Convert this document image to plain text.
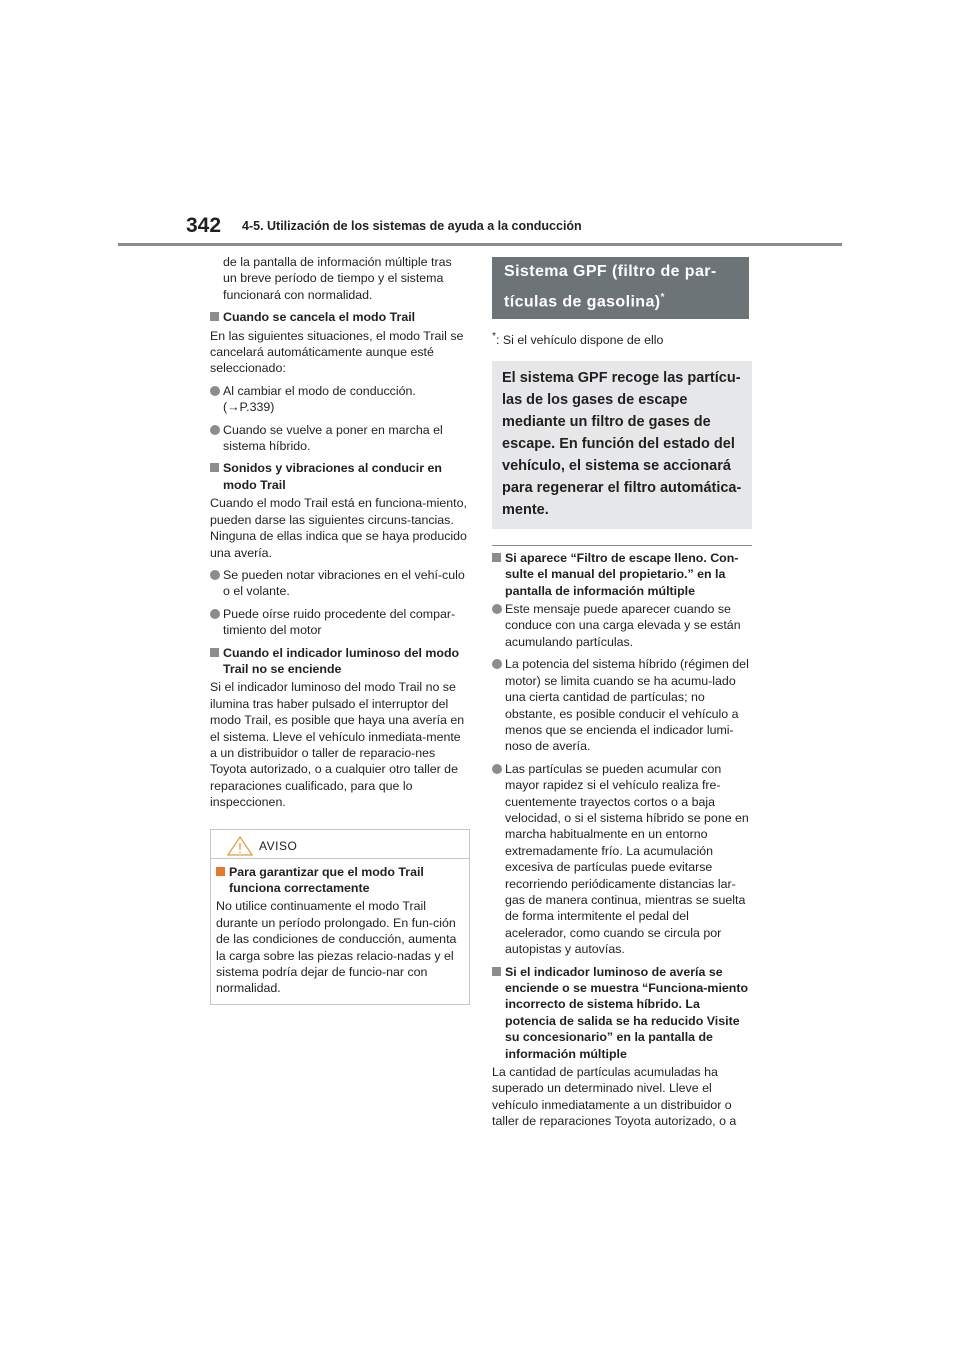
342 4-5. Utilización de los sistemas de ayuda a la conducción

de la pantalla de información múltiple tras un breve período de tiempo y el sistema funcionará con normalidad.

Cuando se cancela el modo Trail

En las siguientes situaciones, el modo Trail se cancelará automáticamente aunque esté seleccionado:

Al cambiar el modo de conducción. (→P.339)
Cuando se vuelve a poner en marcha el sistema híbrido.
Sonidos y vibraciones al conducir en modo Trail

Cuando el modo Trail está en funciona-miento, pueden darse las siguientes circuns-tancias. Ninguna de ellas indica que se haya producido una avería.

Se pueden notar vibraciones en el vehí-culo o el volante.
Puede oírse ruido procedente del compar-timiento del motor
Cuando el indicador luminoso del modo Trail no se enciende

Si el indicador luminoso del modo Trail no se ilumina tras haber pulsado el interruptor del modo Trail, es posible que haya una avería en el sistema. Lleve el vehículo inmediata-mente a un distribuidor o taller de reparacio-nes Toyota autorizado, o a cualquier otro taller de reparaciones cualificado, para que lo inspeccionen.

AVISO
Para garantizar que el modo Trail funciona correctamente

No utilice continuamente el modo Trail durante un período prolongado. En fun-ción de las condiciones de conducción, aumenta la carga sobre las piezas relacio-nadas y el sistema podría dejar de funcio-nar con normalidad.

Sistema GPF (filtro de par-tículas de gasolina)*

*: Si el vehículo dispone de ello

El sistema GPF recoge las partícu-las de los gases de escape mediante un filtro de gases de escape. En función del estado del vehículo, el sistema se accionará para regenerar el filtro automática-mente.
Si aparece “Filtro de escape lleno. Con-sulte el manual del propietario.” en la pantalla de información múltiple
Este mensaje puede aparecer cuando se conduce con una carga elevada y se están acumulando partículas.
La potencia del sistema híbrido (régimen del motor) se limita cuando se ha acumu-lado una cierta cantidad de partículas; no obstante, es posible conducir el vehículo a menos que se encienda el indicador lumi-noso de avería.
Las partículas se pueden acumular con mayor rapidez si el vehículo realiza fre-cuentemente trayectos cortos o a baja velocidad, o si el sistema híbrido se pone en marcha habitualmente en un entorno extremadamente frío. La acumulación excesiva de partículas puede evitarse recorriendo periódicamente distancias lar-gas de manera continua, mientras se suelta de forma intermitente el pedal del acelerador, como cuando se circula por autopistas y autovías.
Si el indicador luminoso de avería se enciende o se muestra “Funciona-miento incorrecto de sistema híbrido. La potencia de salida se ha reducido Visite su concesionario” en la pantalla de información múltiple

La cantidad de partículas acumuladas ha superado un determinado nivel. Lleve el vehículo inmediatamente a un distribuidor o taller de reparaciones Toyota autorizado, o a
